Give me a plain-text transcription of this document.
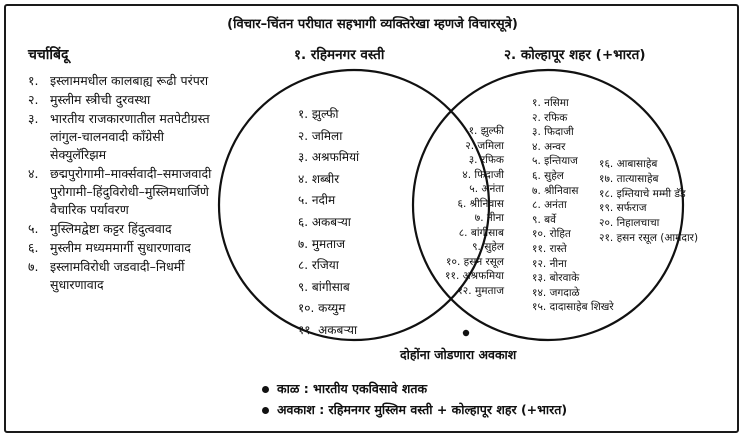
(विचार–चिंतन परीघात सहभागी व्यक्तिरेखा म्हणजे विचारसूत्रे)
चर्चाबिंदू
१. इस्लाममधील कालबाह्य रूढी परंपरा
२. मुस्लीम स्त्रीची दुरवस्था
३. भारतीय राजकारणातील मतपेटीग्रस्त लांगुल-चालनवादी कॉंग्रेसी सेक्युलॅरिझम
४. छद्मपुरोगामी–मार्क्सवादी–समाजवादी पुरोगामी–हिंदुविरोधी–मुस्लिमधार्जिणे वैचारिक पर्यावरण
५. मुस्लिमद्वेष्टा कट्टर हिंदुत्ववाद
६. मुस्लीम मध्यममार्गी सुधारणावाद
७. इस्लामविरोधी जडवादी–निधर्मी सुधारणावाद
१. रहिमनगर वस्ती	२. कोल्हापूर शहर (+भारत)
१. झुल्फी
२. जमिला
३. अश्रफमियां
४. शब्बीर
५. नदीम
६. अकबऱ्या
७. मुमताज
८. रजिया
९. बांगीसाब
१०. कय्युम
११. अकबऱ्या
१. झुल्फी
२. जमिला
३. रफिक
४. फिदाजी
५. अनंता
६. श्रीनिवास
७. नीना
८. बांगीसाब
९. सुहेल
१०. हसन रसूल
११. अश्रफमिया
१२. मुमताज
१. नसिमा
२. रफिक
३. फिदाजी
४. अन्वर
५. इन्तियाज
६. सुहेल
७. श्रीनिवास
८. अनंता
९. बर्वे
१०. रोहित
११. रास्ते
१२. नीना
१३. बोरवाके
१४. जगदाळे
१५. दादासाहेब शिखरे
१६. आबासाहेब
१७. तात्यासाहेब
१८. इम्तियाचे मम्मी डॅड
१९. सर्फराज
२०. निहालचाचा
२१. हसन रसूल (आमदार)
दोहोंना जोडणारा अवकाश
काळ : भारतीय एकविसावे शतक
अवकाश : रहिमनगर मुस्लिम वस्ती + कोल्हापूर शहर (+भारत)
